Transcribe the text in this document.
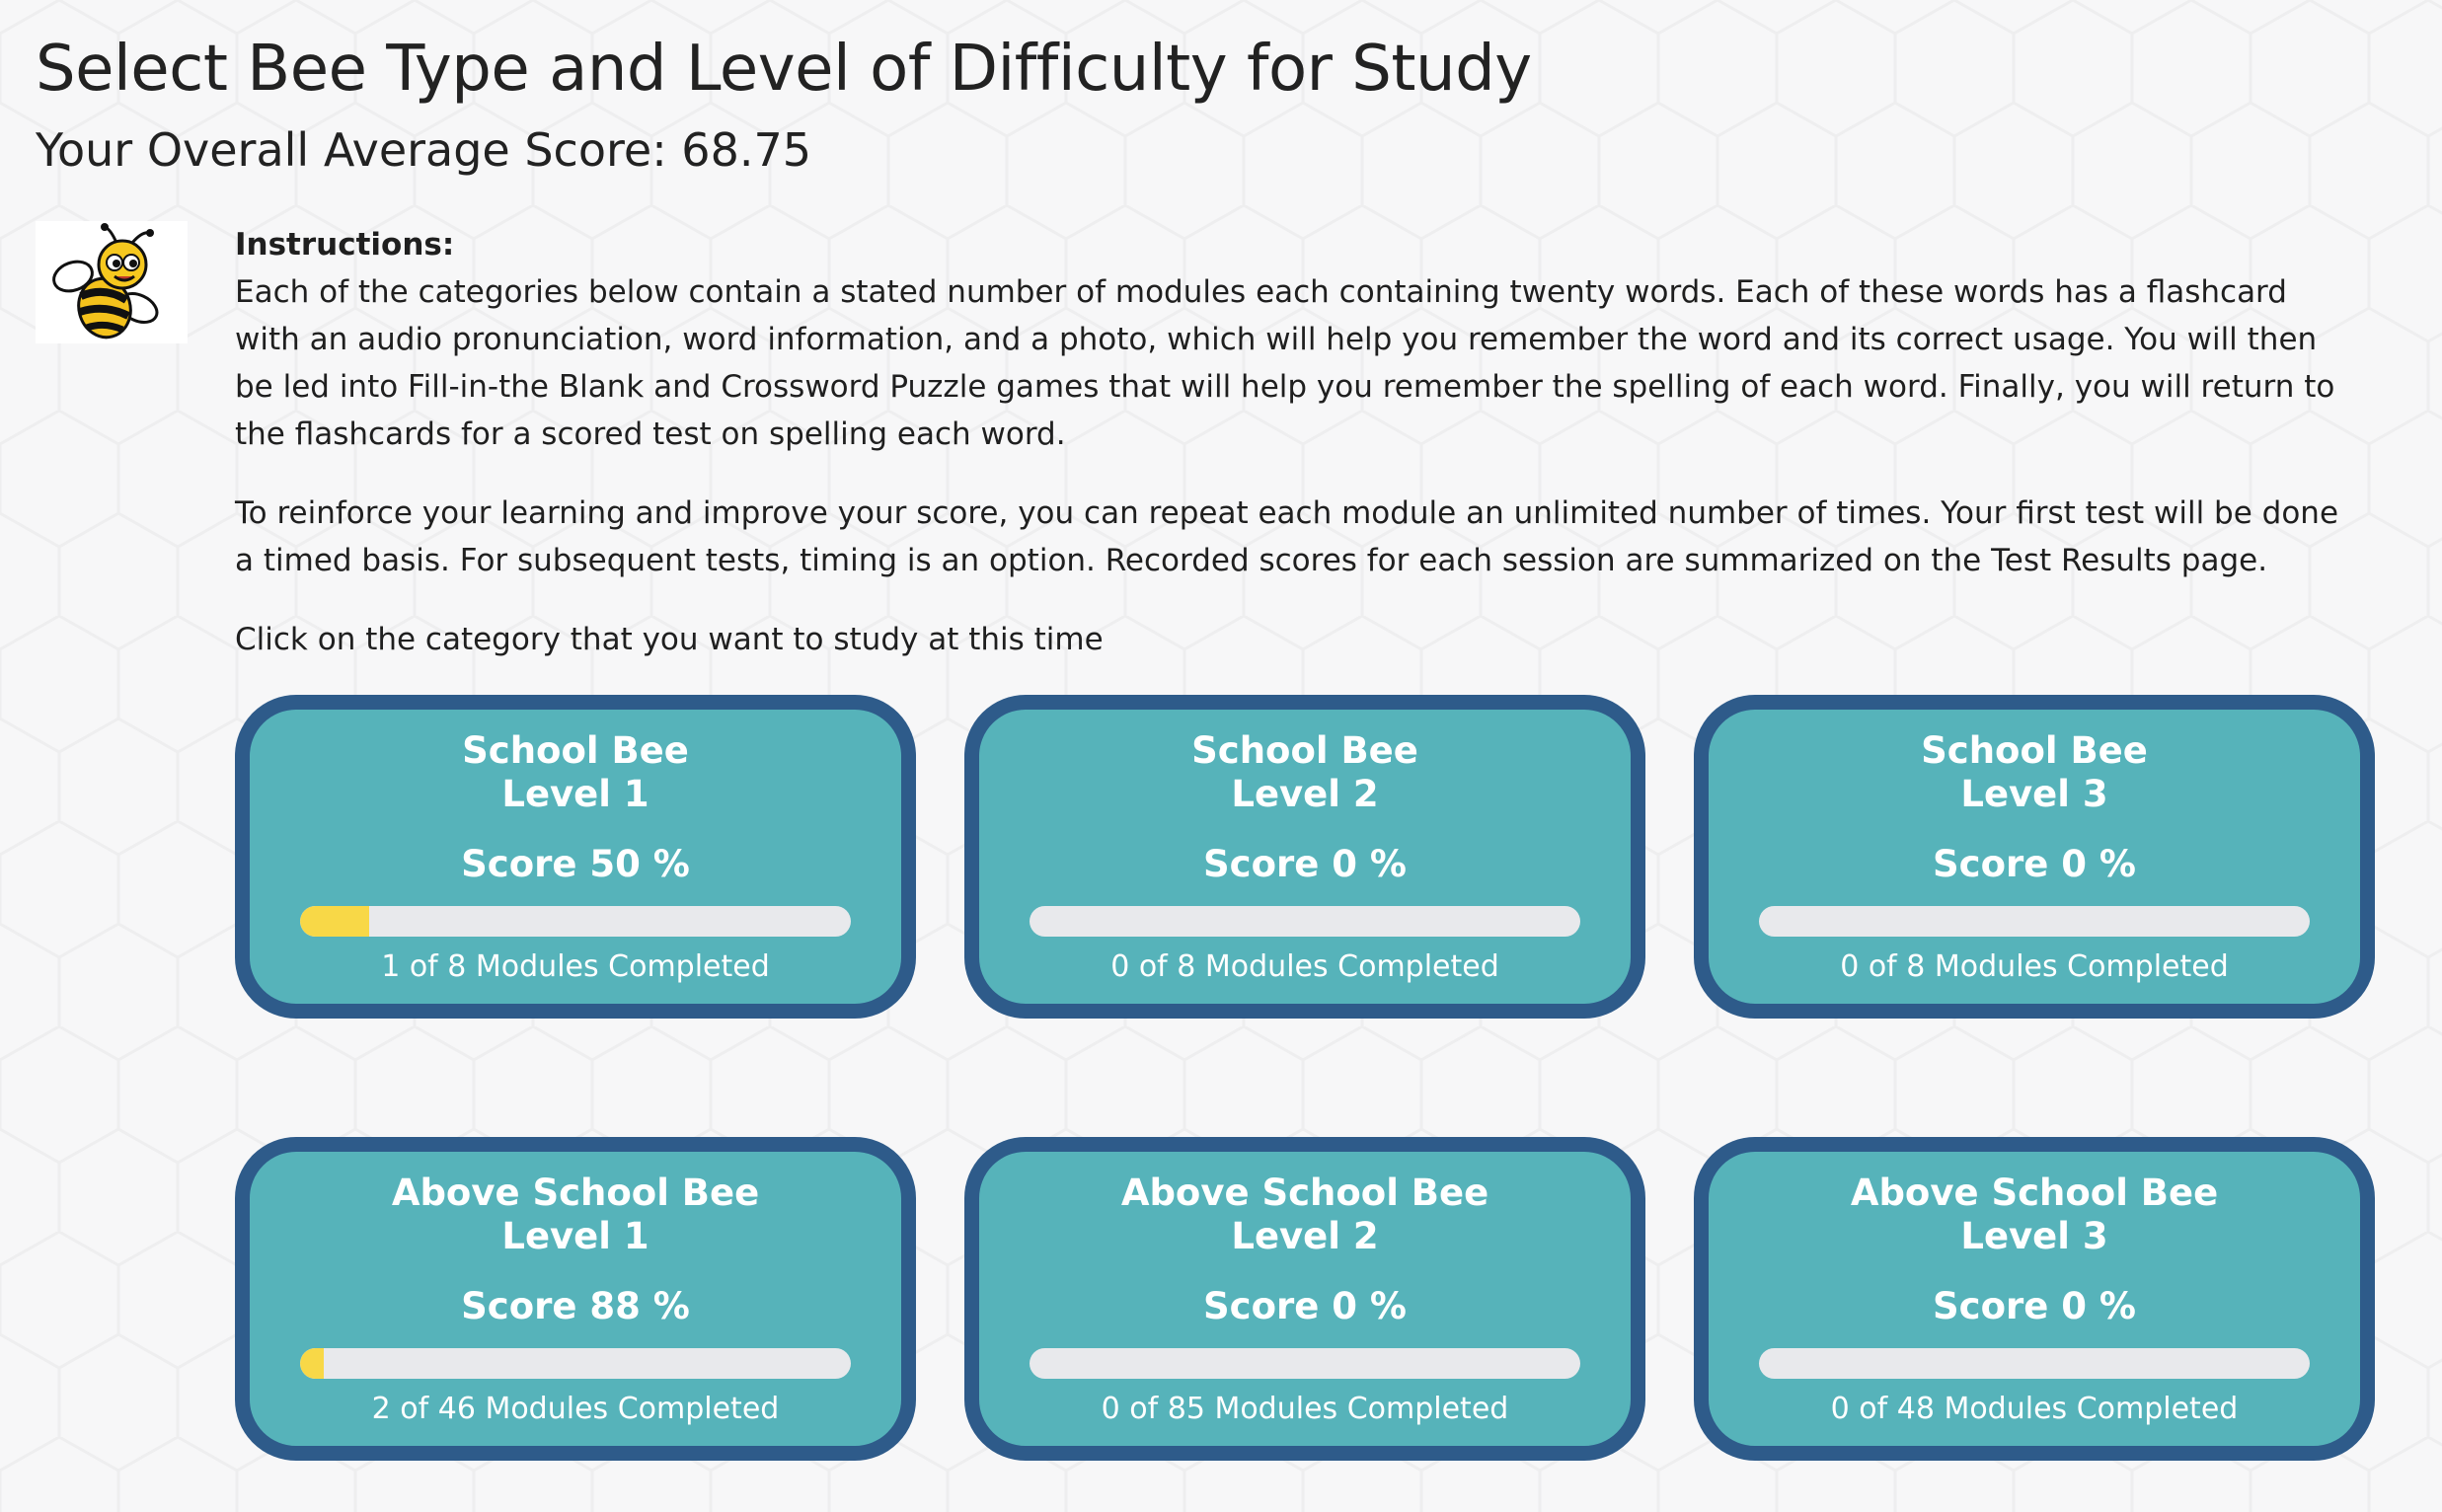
Select Bee Type and Level of Difficulty for Study
Your Overall Average Score: 68.75
Instructions:

Each of the categories below contain a stated number of modules each containing twenty words. Each of these words has a flashcard with an audio pronunciation, word information, and a photo, which will help you remember the word and its correct usage. You will then be led into Fill-in-the Blank and Crossword Puzzle games that will help you remember the spelling of each word. Finally, you will return to the flashcards for a scored test on spelling each word.

To reinforce your learning and improve your score, you can repeat each module an unlimited number of times. Your first test will be done a timed basis. For subsequent tests, timing is an option. Recorded scores for each session are summarized on the Test Results page.

Click on the category that you want to study at this time

School Bee
Level 1
Score 50 %
1 of 8 Modules Completed
School Bee
Level 2
Score 0 %
0 of 8 Modules Completed
School Bee
Level 3
Score 0 %
0 of 8 Modules Completed
Above School Bee
Level 1
Score 88 %
2 of 46 Modules Completed
Above School Bee
Level 2
Score 0 %
0 of 85 Modules Completed
Above School Bee
Level 3
Score 0 %
0 of 48 Modules Completed
